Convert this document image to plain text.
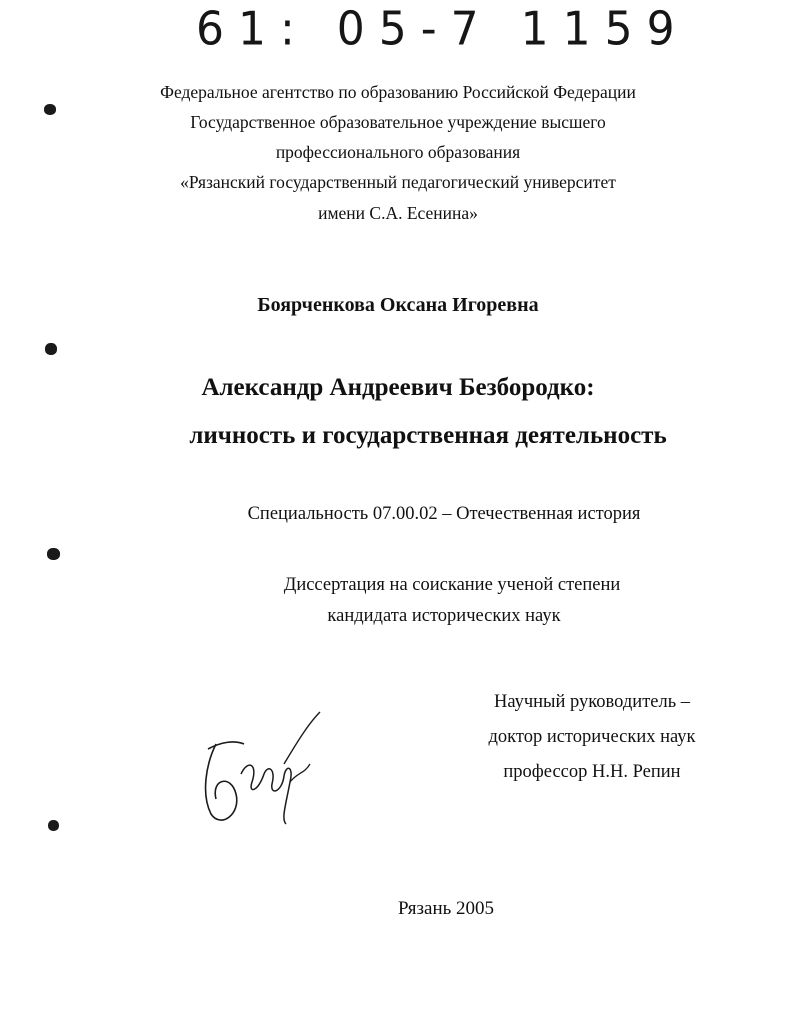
61: 05-7 1159
Федеральное агентство по образованию Российской Федерации
Государственное образовательное учреждение высшего
профессионального образования
«Рязанский государственный педагогический университет
имени С.А. Есенина»
Боярченкова Оксана Игоревна
Александр Андреевич Безбородко:
личность и государственная деятельность
Специальность 07.00.02 – Отечественная история
Диссертация на соискание ученой степени
кандидата исторических наук
Научный руководитель –
доктор исторических наук
профессор Н.Н. Репин
Рязань 2005
